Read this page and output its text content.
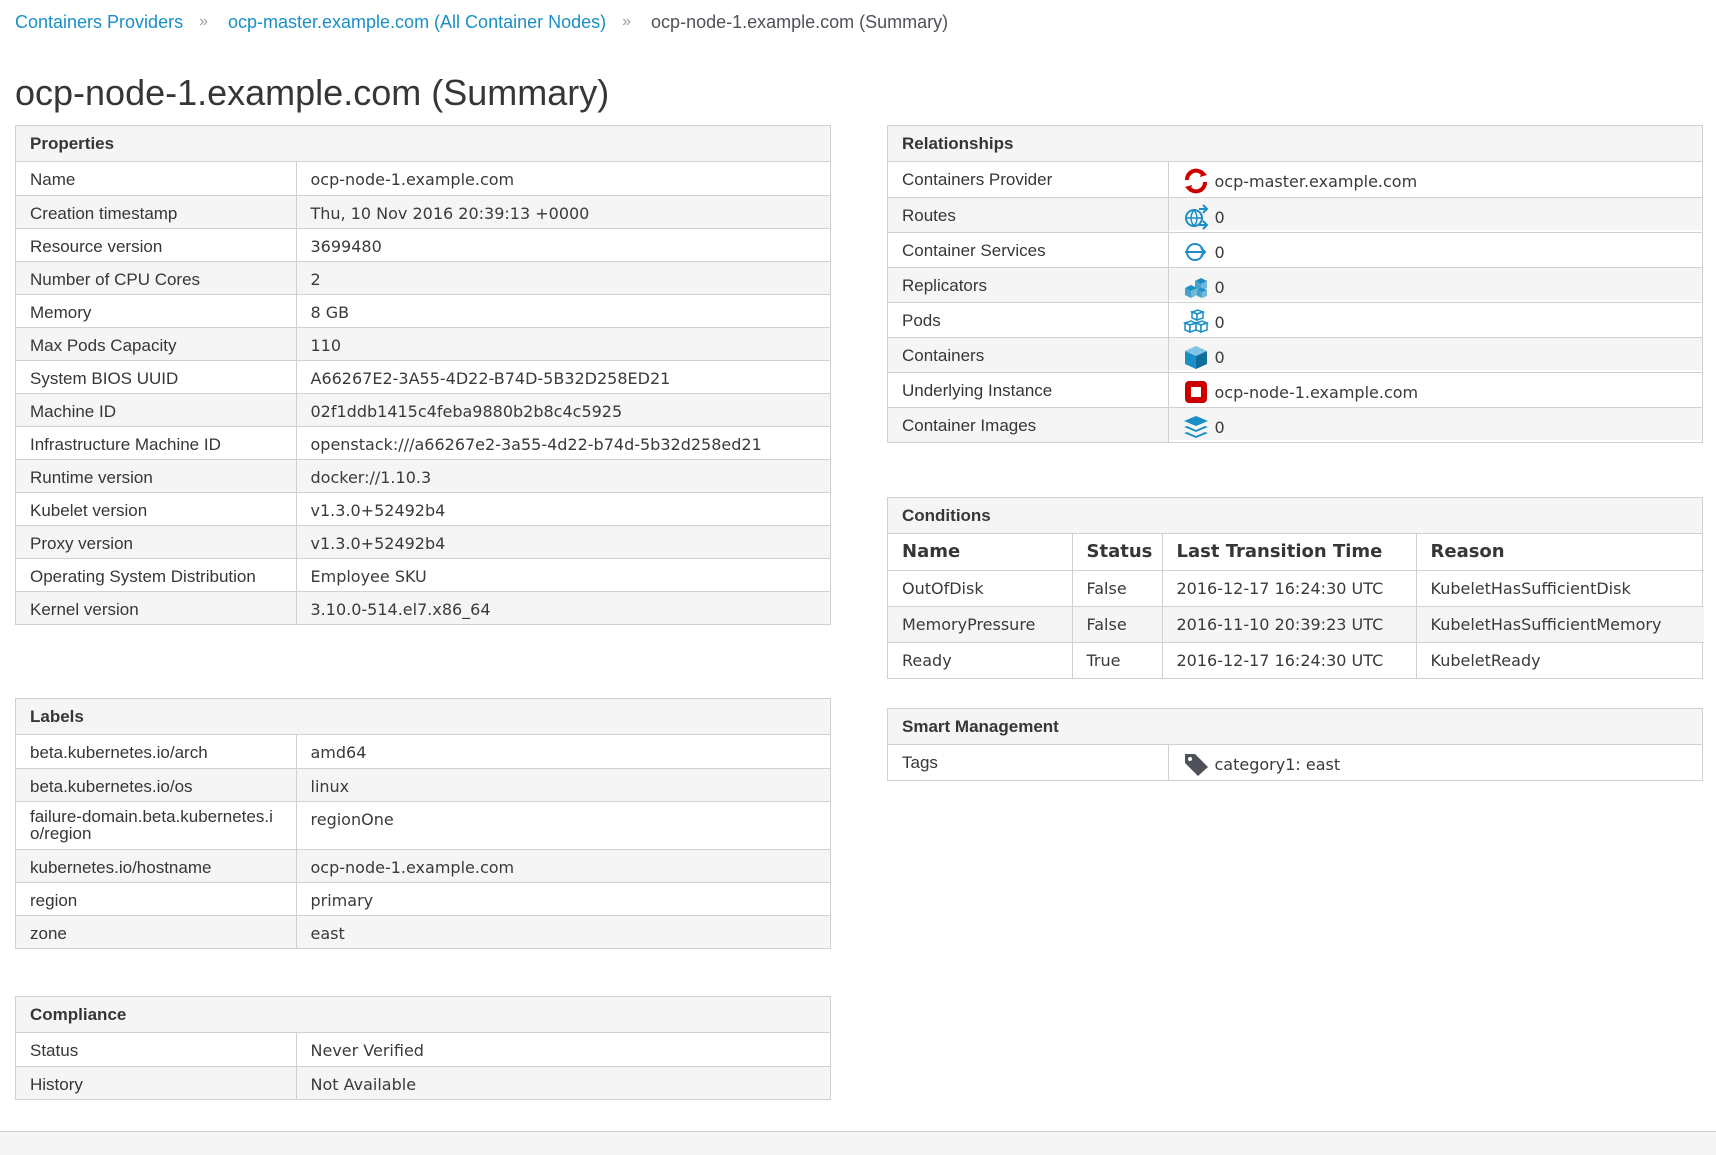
Containers Providers » ocp-master.example.com (All Container Nodes) » ocp-node-1.example.com (Summary)
ocp-node-1.example.com (Summary)
Properties
Name	ocp-node-1.example.com
Creation timestamp	Thu, 10 Nov 2016 20:39:13 +0000
Resource version	3699480
Number of CPU Cores	2
Memory	8 GB
Max Pods Capacity	110
System BIOS UUID	A66267E2-3A55-4D22-B74D-5B32D258ED21
Machine ID	02f1ddb1415c4feba9880b2b8c4c5925
Infrastructure Machine ID	openstack:///a66267e2-3a55-4d22-b74d-5b32d258ed21
Runtime version	docker://1.10.3
Kubelet version	v1.3.0+52492b4
Proxy version	v1.3.0+52492b4
Operating System Distribution	Employee SKU
Kernel version	3.10.0-514.el7.x86_64
Labels
beta.kubernetes.io/arch	amd64
beta.kubernetes.io/os	linux
failure-domain.beta.kubernetes.io/region	regionOne
kubernetes.io/hostname	ocp-node-1.example.com
region	primary
zone	east
Compliance
Status	Never Verified
History	Not Available
Relationships
Containers Provider		ocp-master.example.com

Routes		0

Container Services		0

Replicators		0

Pods		0

Containers		0

Underlying Instance		ocp-node-1.example.com

Container Images		0
Conditions
Name	Status	Last Transition Time	Reason
OutOfDisk	False	2016-12-17 16:24:30 UTC	KubeletHasSufficientDisk
MemoryPressure	False	2016-11-10 20:39:23 UTC	KubeletHasSufficientMemory
Ready	True	2016-12-17 16:24:30 UTC	KubeletReady
Smart Management
Tags		category1: east
